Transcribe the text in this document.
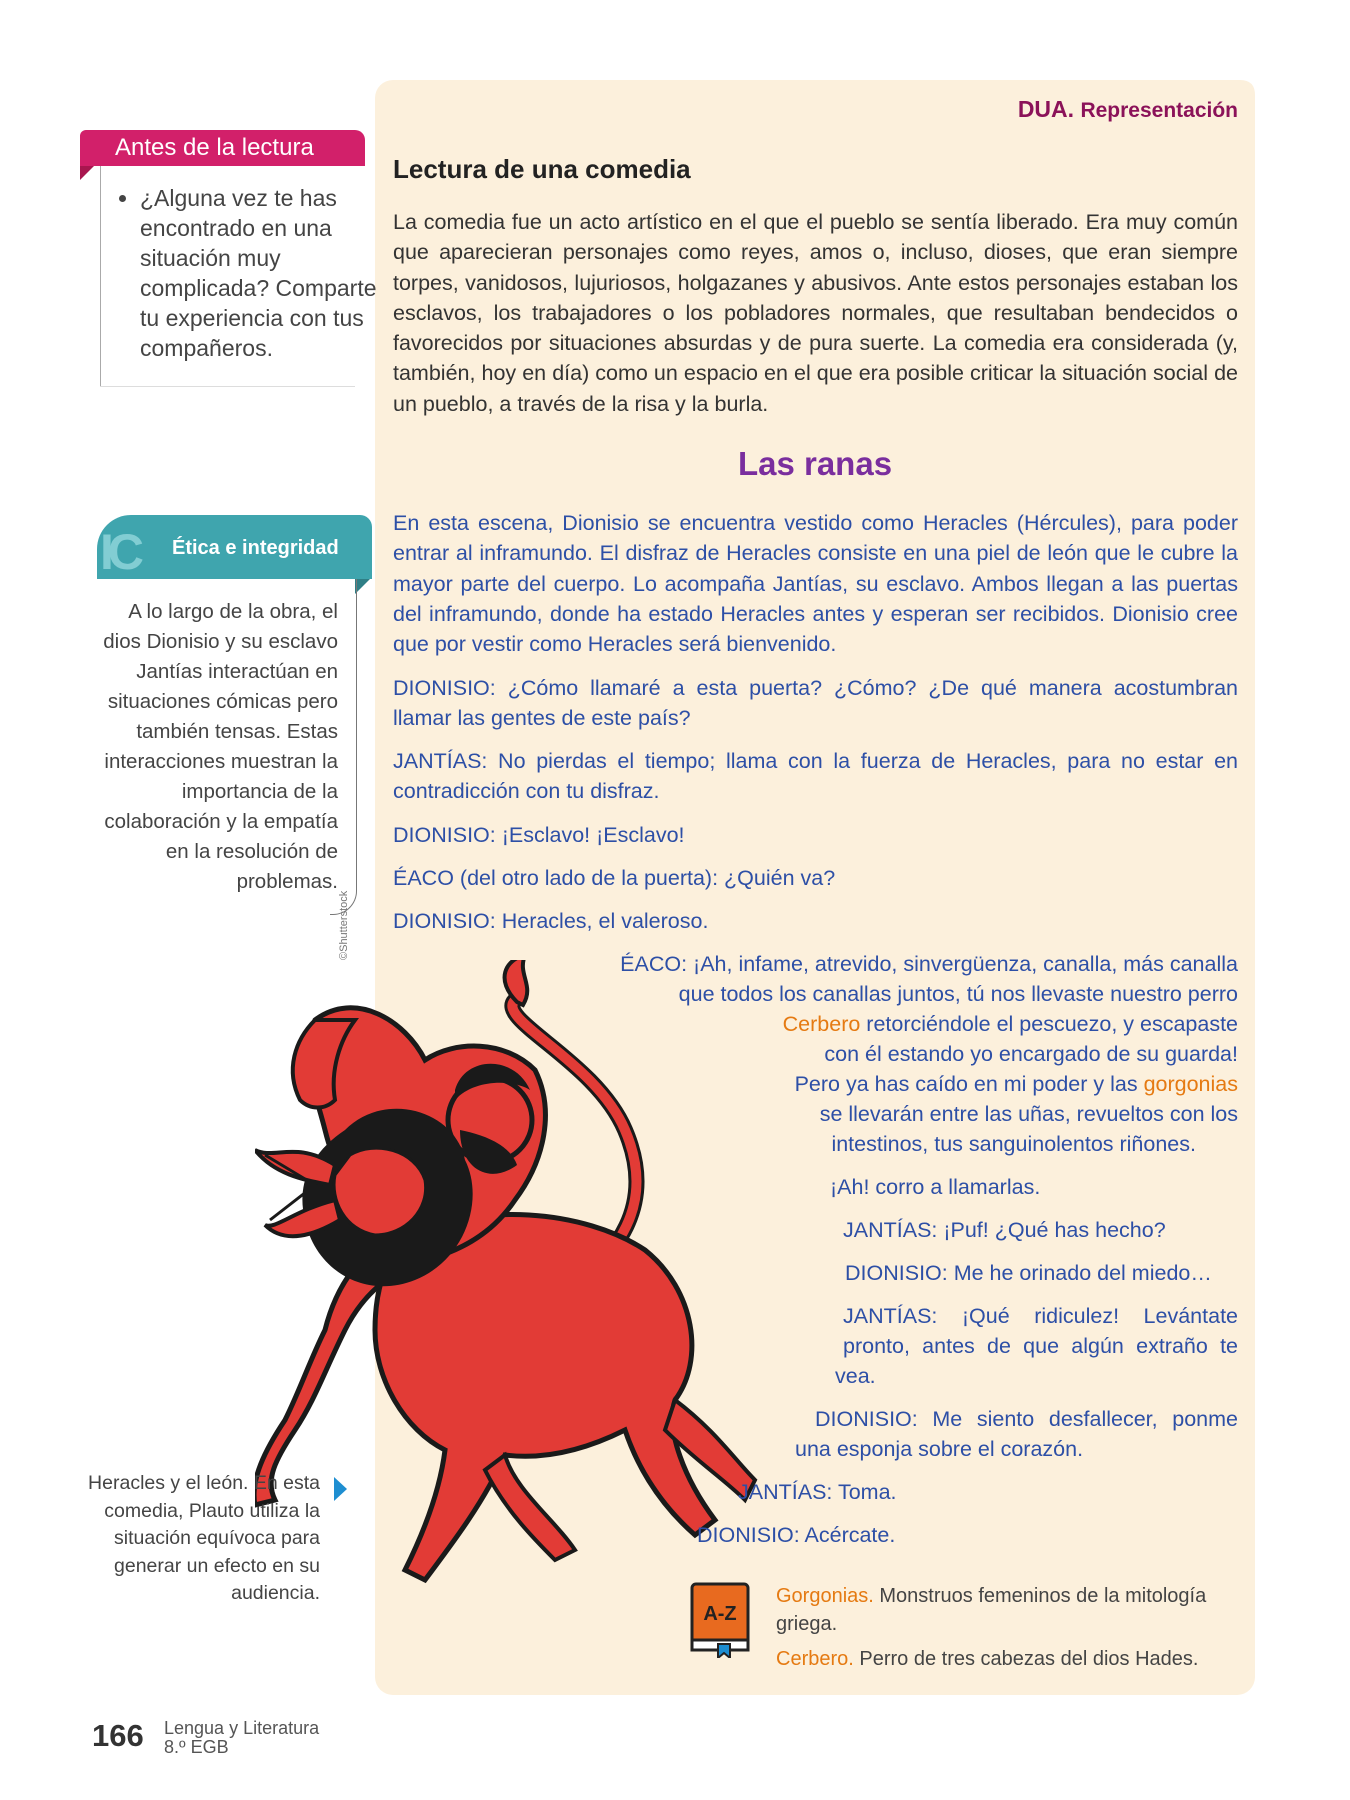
DUA. Representación
Antes de la lectura
• ¿Alguna vez te has encontrado en una situación muy complicada? Comparte tu experiencia con tus compañeros.
IC Ética e integridad
A lo largo de la obra, el dios Dionisio y su esclavo Jantías interactúan en situaciones cómicas pero también tensas. Estas interacciones muestran la importancia de la colaboración y la empatía en la resolución de problemas.
©Shutterstock
Lectura de una comedia

La comedia fue un acto artístico en el que el pueblo se sentía liberado. Era muy común que aparecieran personajes como reyes, amos o, incluso, dioses, que eran siempre torpes, vanidosos, lujuriosos, holgazanes y abusivos. Ante estos personajes estaban los esclavos, los trabajadores o los pobladores normales, que resultaban bendecidos o favorecidos por situaciones absurdas y de pura suerte. La comedia era considerada (y, también, hoy en día) como un espacio en el que era posible criticar la situación social de un pueblo, a través de la risa y la burla.

Las ranas

En esta escena, Dionisio se encuentra vestido como Heracles (Hércules), para poder entrar al inframundo. El disfraz de Heracles consiste en una piel de león que le cubre la mayor parte del cuerpo. Lo acompaña Jantías, su esclavo. Ambos llegan a las puertas del inframundo, donde ha estado Heracles antes y esperan ser recibidos. Dionisio cree que por vestir como Heracles será bienvenido.

DIONISIO: ¿Cómo llamaré a esta puerta? ¿Cómo? ¿De qué manera acostumbran llamar las gentes de este país?

JANTÍAS: No pierdas el tiempo; llama con la fuerza de Heracles, para no estar en contradicción con tu disfraz.

DIONISIO: ¡Esclavo! ¡Esclavo!

ÉACO (del otro lado de la puerta): ¿Quién va?

DIONISIO: Heracles, el valeroso.

ÉACO: ¡Ah, infame, atrevido, sinvergüenza, canalla, más canalla
que todos los canallas juntos, tú nos llevaste nuestro perro
Cerbero retorciéndole el pescuezo, y escapaste
con él estando yo encargado de su guarda!
Pero ya has caído en mi poder y las gorgonias
se llevarán entre las uñas, revueltos con los
intestinos, tus sanguinolentos riñones.

¡Ah! corro a llamarlas.

JANTÍAS: ¡Puf! ¿Qué has hecho?

DIONISIO: Me he orinado del miedo…

JANTÍAS: ¡Qué ridiculez! Levántate

pronto, antes de que algún extraño te

vea.

DIONISIO: Me siento desfallecer, ponme

una esponja sobre el corazón.

JANTÍAS: Toma.

DIONISIO: Acércate.

Heracles y el león. En esta comedia, Plauto utiliza la situación equívoca para generar un efecto en su audiencia.
A-Z
Gorgonias. Monstruos femeninos de la mitología griega.
Cerbero. Perro de tres cabezas del dios Hades.
166 Lengua y Literatura
8.º EGB
